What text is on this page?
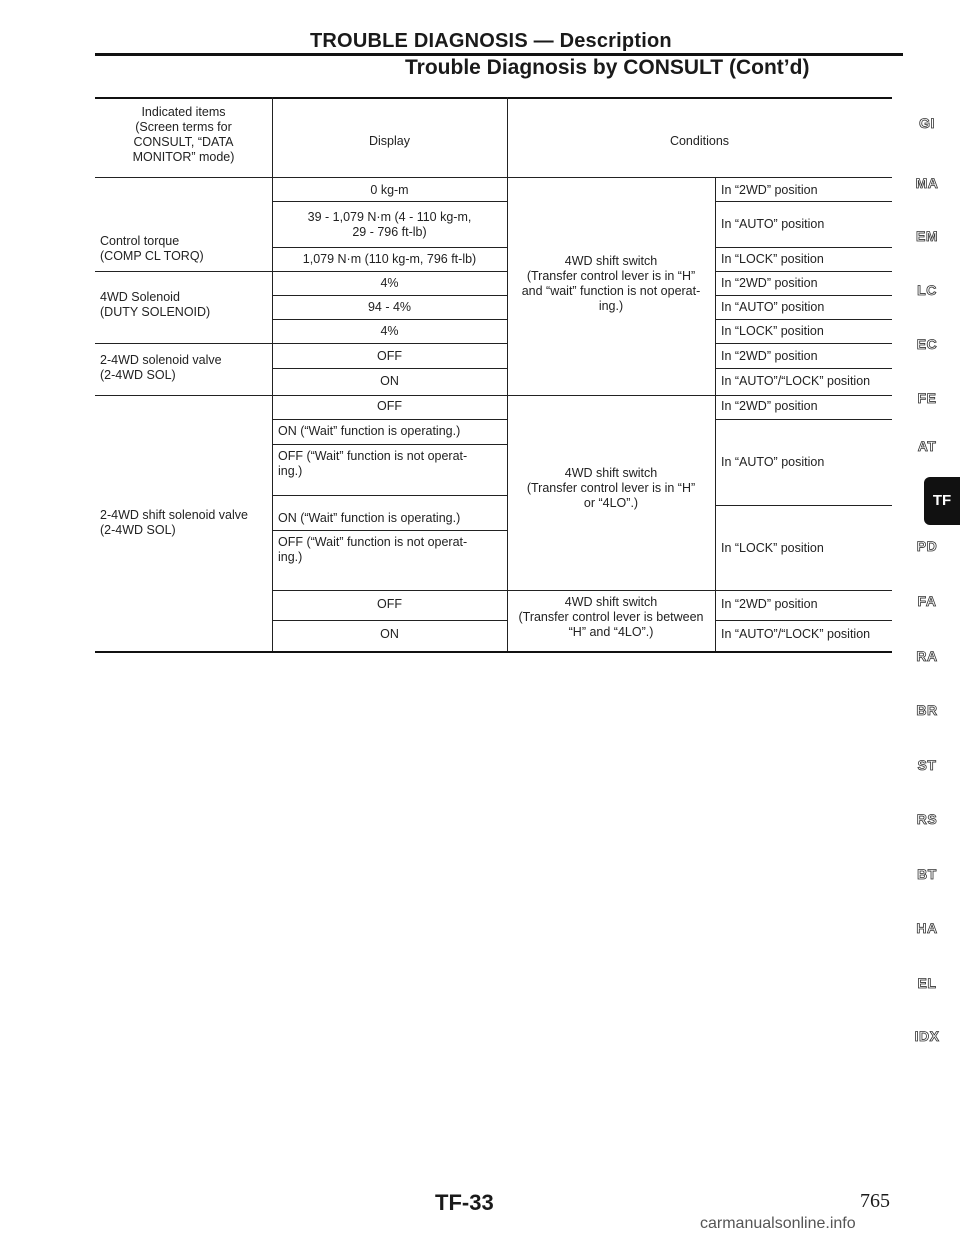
TROUBLE DIAGNOSIS — Description
Trouble Diagnosis by CONSULT (Cont’d)
Indicated items
(Screen terms for
CONSULT, “DATA
MONITOR” mode)
Display	Conditions
Control torque
(COMP CL TORQ)
4WD Solenoid
(DUTY SOLENOID)
2-4WD solenoid valve
(2-4WD SOL)
2-4WD shift solenoid valve
(2-4WD SOL)
0 kg-m
39 - 1,079 N·m (4 - 110 kg-m,
29 - 796 ft-lb)
1,079 N·m (110 kg-m, 796 ft-lb)
4%
94 - 4%
4%
OFF
ON
OFF
ON (“Wait” function is operating.)
OFF (“Wait” function is not operat-
ing.)
ON (“Wait” function is operating.)
OFF (“Wait” function is not operat-
ing.)
OFF
ON
4WD shift switch
(Transfer control lever is in “H”
and “wait” function is not operat-
ing.)
4WD shift switch
(Transfer control lever is in “H”
or “4LO”.)
4WD shift switch
(Transfer control lever is between
“H” and “4LO”.)
In “2WD” position
In “AUTO” position
In “LOCK” position
In “2WD” position
In “AUTO” position
In “LOCK” position
In “2WD” position
In “AUTO”/“LOCK” position
In “2WD” position
In “AUTO” position
In “LOCK” position
In “2WD” position
In “AUTO”/“LOCK” position
GI
MA
EM
LC
EC
FE
AT
TF
PD
FA
RA
BR
ST
RS
BT
HA
EL
IDX
TF-33	765
carmanualsonline.info
